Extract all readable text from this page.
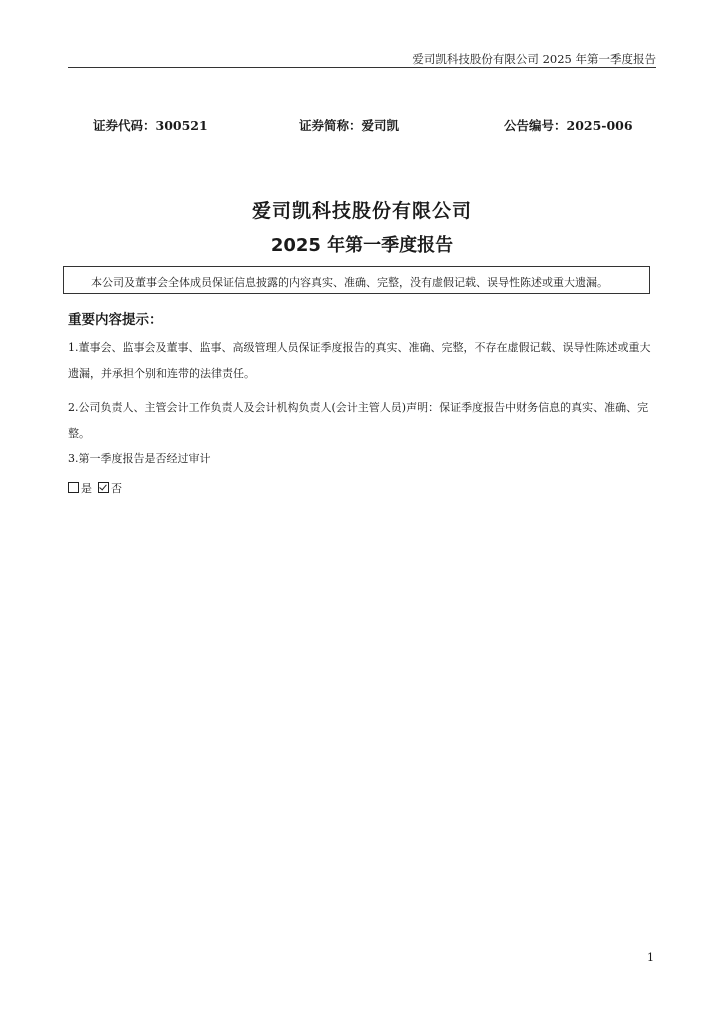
爱司凯科技股份有限公司 2025 年第一季度报告
证券代码：300521	证券简称：爱司凯	公告编号：2025-006
爱司凯科技股份有限公司
2025 年第一季度报告
本公司及董事会全体成员保证信息披露的内容真实、准确、完整，没有虚假记载、误导性陈述或重大遗漏。
重要内容提示：
1.董事会、监事会及董事、监事、高级管理人员保证季度报告的真实、准确、完整，不存在虚假记载、误导性陈述或重大遗漏，并承担个别和连带的法律责任。
2.公司负责人、主管会计工作负责人及会计机构负责人(会计主管人员)声明：保证季度报告中财务信息的真实、准确、完整。
3.第一季度报告是否经过审计
是 否
1
